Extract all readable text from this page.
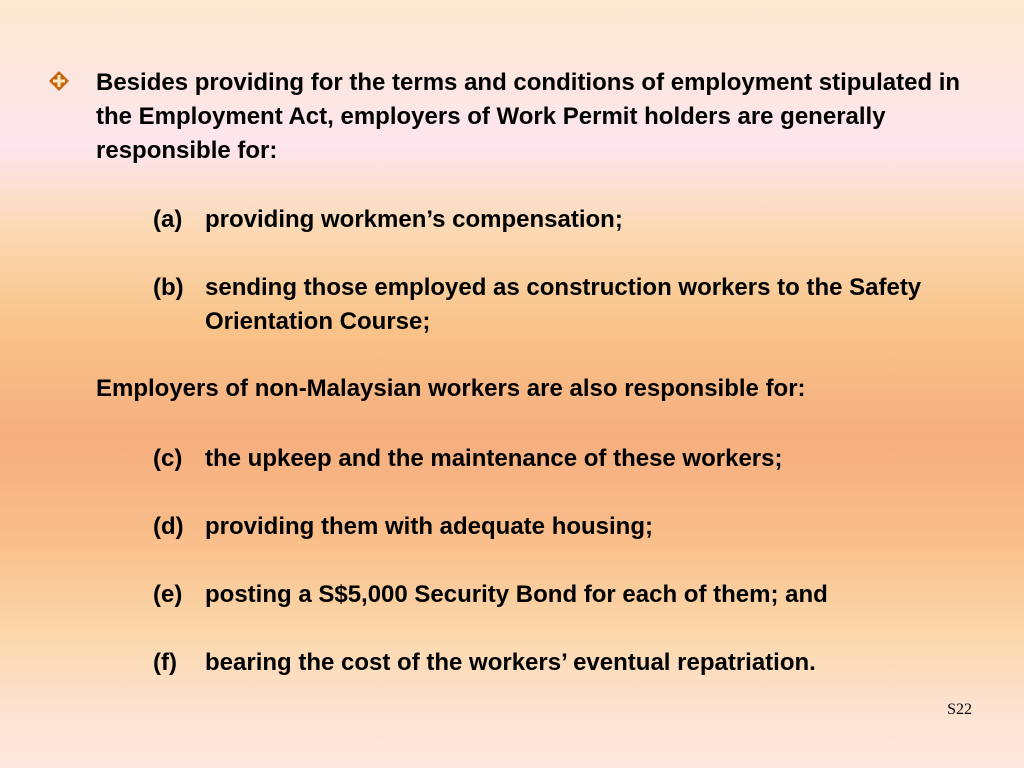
Besides providing for the terms and conditions of employment stipulated in the Employment Act, employers of Work Permit holders are generally responsible for:

(a) providing workmen’s compensation;
(b) sending those employed as construction workers to the Safety Orientation Course;

Employers of non-Malaysian workers are also responsible for:

(c) the upkeep and the maintenance of these workers;
(d) providing them with adequate housing;
(e) posting a S$5,000 Security Bond for each of them; and
(f)	bearing the cost of the workers’ eventual repatriation.
S22
